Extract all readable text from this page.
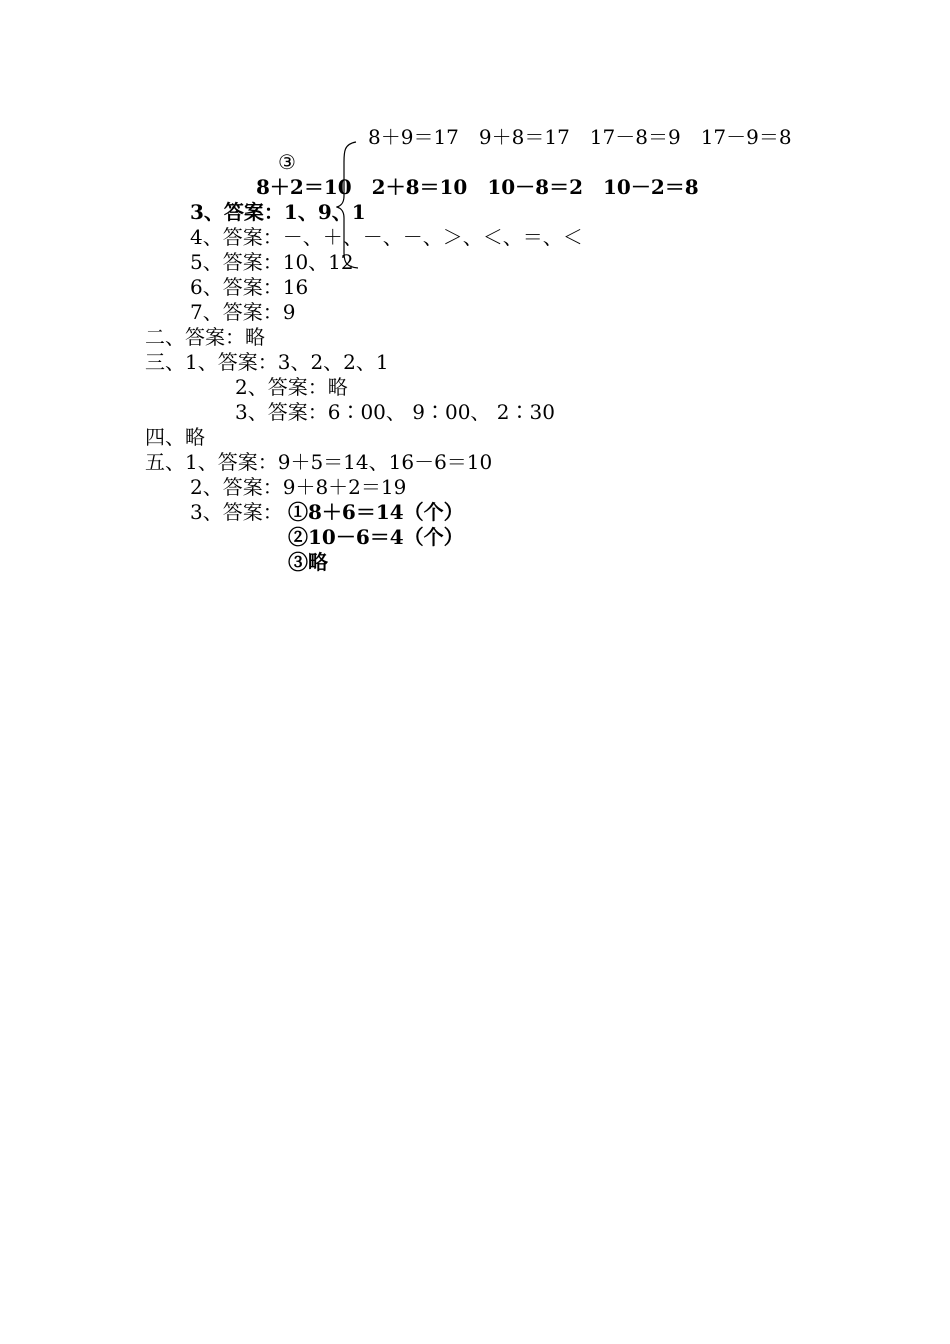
8＋9＝17　9＋8＝17　17－8＝9　17－9＝8
③
8＋2＝10　2＋8＝10　10－8＝2　10－2＝8
3、答案：1、9、1
4、答案：－、＋、－、－、＞、＜、＝、＜
5、答案：10、12
6、答案：16
7、答案：9
二、答案：略
三、1、答案：3、2、2、1
2、答案：略
3、答案：6∶00、 9∶00、 2∶30
四、略
五、1、答案：9＋5＝14、16－6＝10
2、答案：9＋8＋2＝19
3、答案： ①8＋6＝14（个）
②10－6＝4（个）
③略
